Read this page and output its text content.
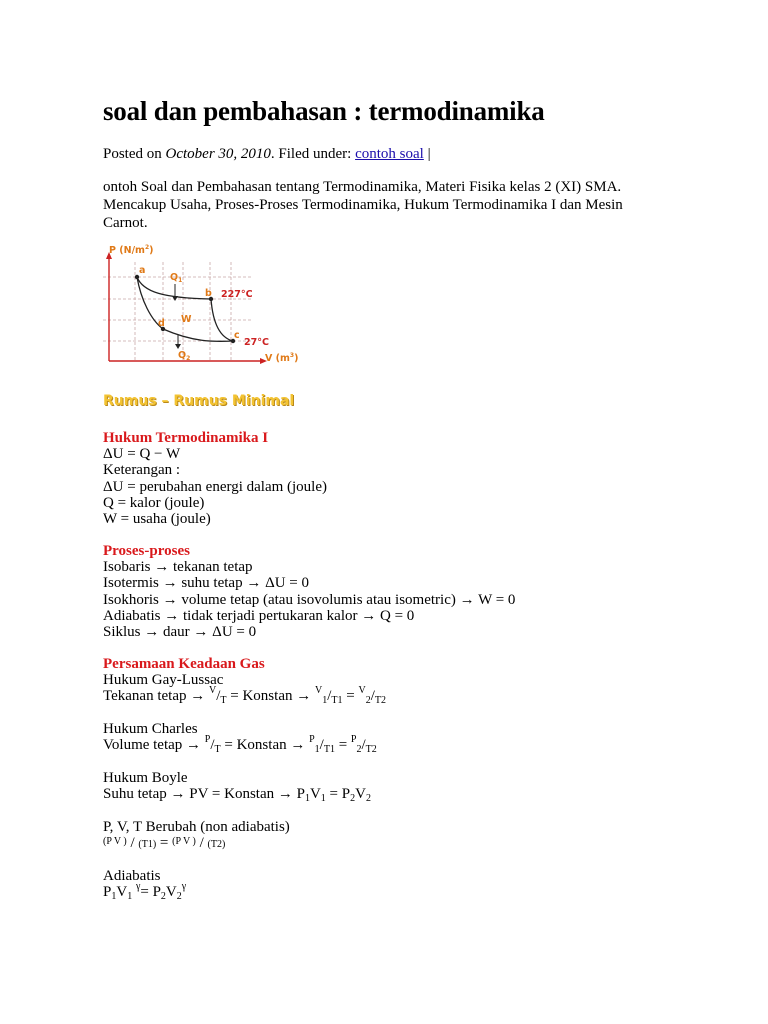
soal dan pembahasan : termodinamika
Posted on October 30, 2010. Filed under: contoh soal |
ontoh Soal dan Pembahasan tentang Termodinamika, Materi Fisika kelas 2 (XI) SMA. Mencakup Usaha, Proses-Proses Termodinamika, Hukum Termodinamika I dan Mesin Carnot.
P $(N/m^2)$
a
b
c
d
$Q_1$
$Q_2$
W
227°C
27°C
V $(m^3)$
Rumus – Rumus Minimal
Hukum Termodinamika I
ΔU = Q − W
Keterangan :
ΔU = perubahan energi dalam (joule)
Q = kalor (joule)
W = usaha (joule)
Proses-proses
Isobaris → tekanan tetap
Isotermis → suhu tetap → ΔU = 0
Isokhoris → volume tetap (atau isovolumis atau isometric) → W = 0
Adiabatis → tidak terjadi pertukaran kalor → Q = 0
Siklus → daur → ΔU = 0
Persamaan Keadaan Gas
Hukum Gay-Lussac
Tekanan tetap → $^V/_T$ = Konstan → $^V_1/_{T1} = ^V_2/_{T2}$
Hukum Charles
Volume tetap → $^P/_T$ = Konstan → $^P_1/_{T1} = ^P_2/_{T2}$
Hukum Boyle
Suhu tetap → PV = Konstan → $P_1V_1 = P_2V_2$
P, V, T Berubah (non adiabatis)
$^{(P V )}$ / (T1) = $^{(P V )}$ / (T2)
Adiabatis
$P_1V_1$ $^\gamma= P_2V_2^\gamma$
